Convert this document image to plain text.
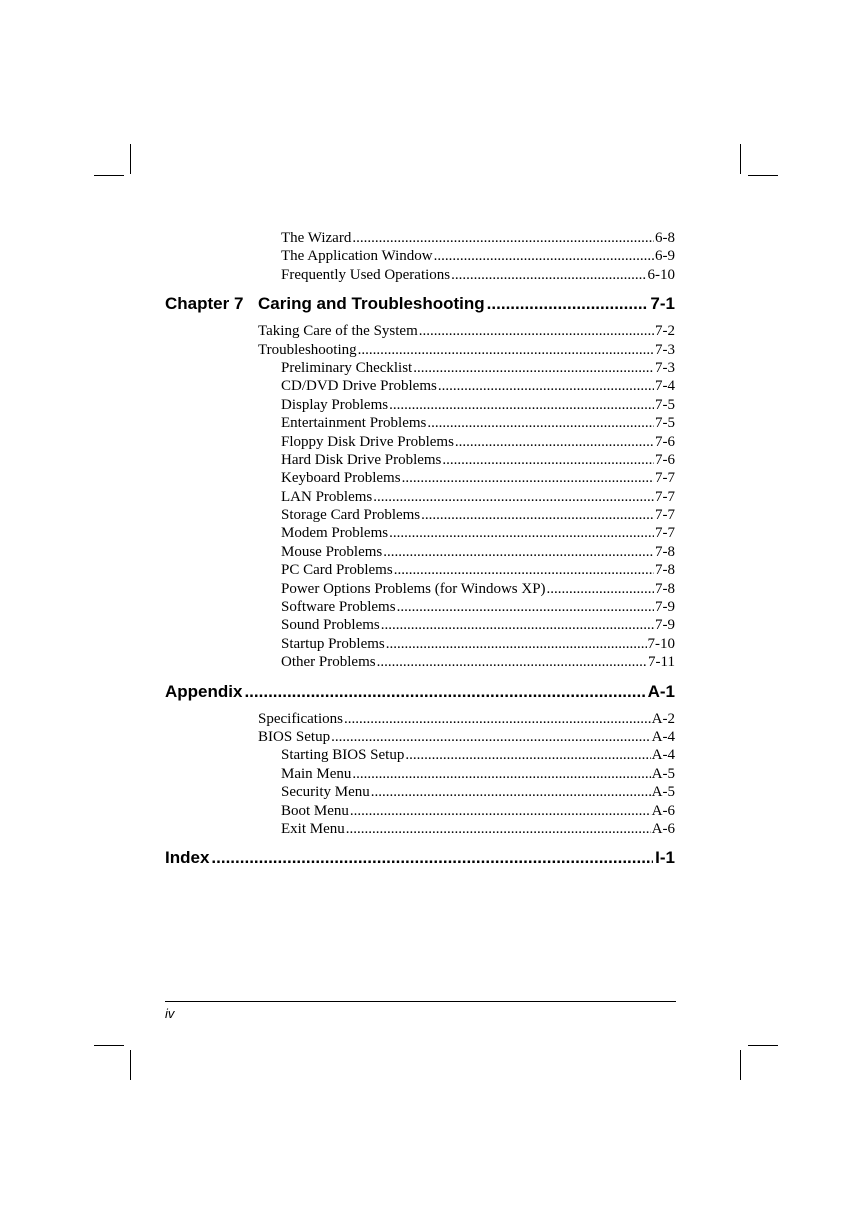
The Wizard .....	6-8
The Application Window .....	6-9
Frequently Used Operations .....	6-10
Chapter 7 Caring and Troubleshooting .....	7-1
Taking Care of the System .....	7-2
Troubleshooting .....	7-3
Preliminary Checklist .....	7-3
CD/DVD Drive Problems .....	7-4
Display Problems .....	7-5
Entertainment Problems .....	7-5
Floppy Disk Drive Problems .....	7-6
Hard Disk Drive Problems .....	7-6
Keyboard Problems .....	7-7
LAN Problems .....	7-7
Storage Card Problems .....	7-7
Modem Problems .....	7-7
Mouse Problems .....	7-8
PC Card Problems .....	7-8
Power Options Problems (for Windows XP) .....	7-8
Software Problems .....	7-9
Sound Problems .....	7-9
Startup Problems .....	7-10
Other Problems .....	7-11
Appendix .....	A-1
Specifications .....	A-2
BIOS Setup .....	A-4
Starting BIOS Setup .....	A-4
Main Menu .....	A-5
Security Menu .....	A-5
Boot Menu .....	A-6
Exit Menu .....	A-6
Index .....	I-1
iv
